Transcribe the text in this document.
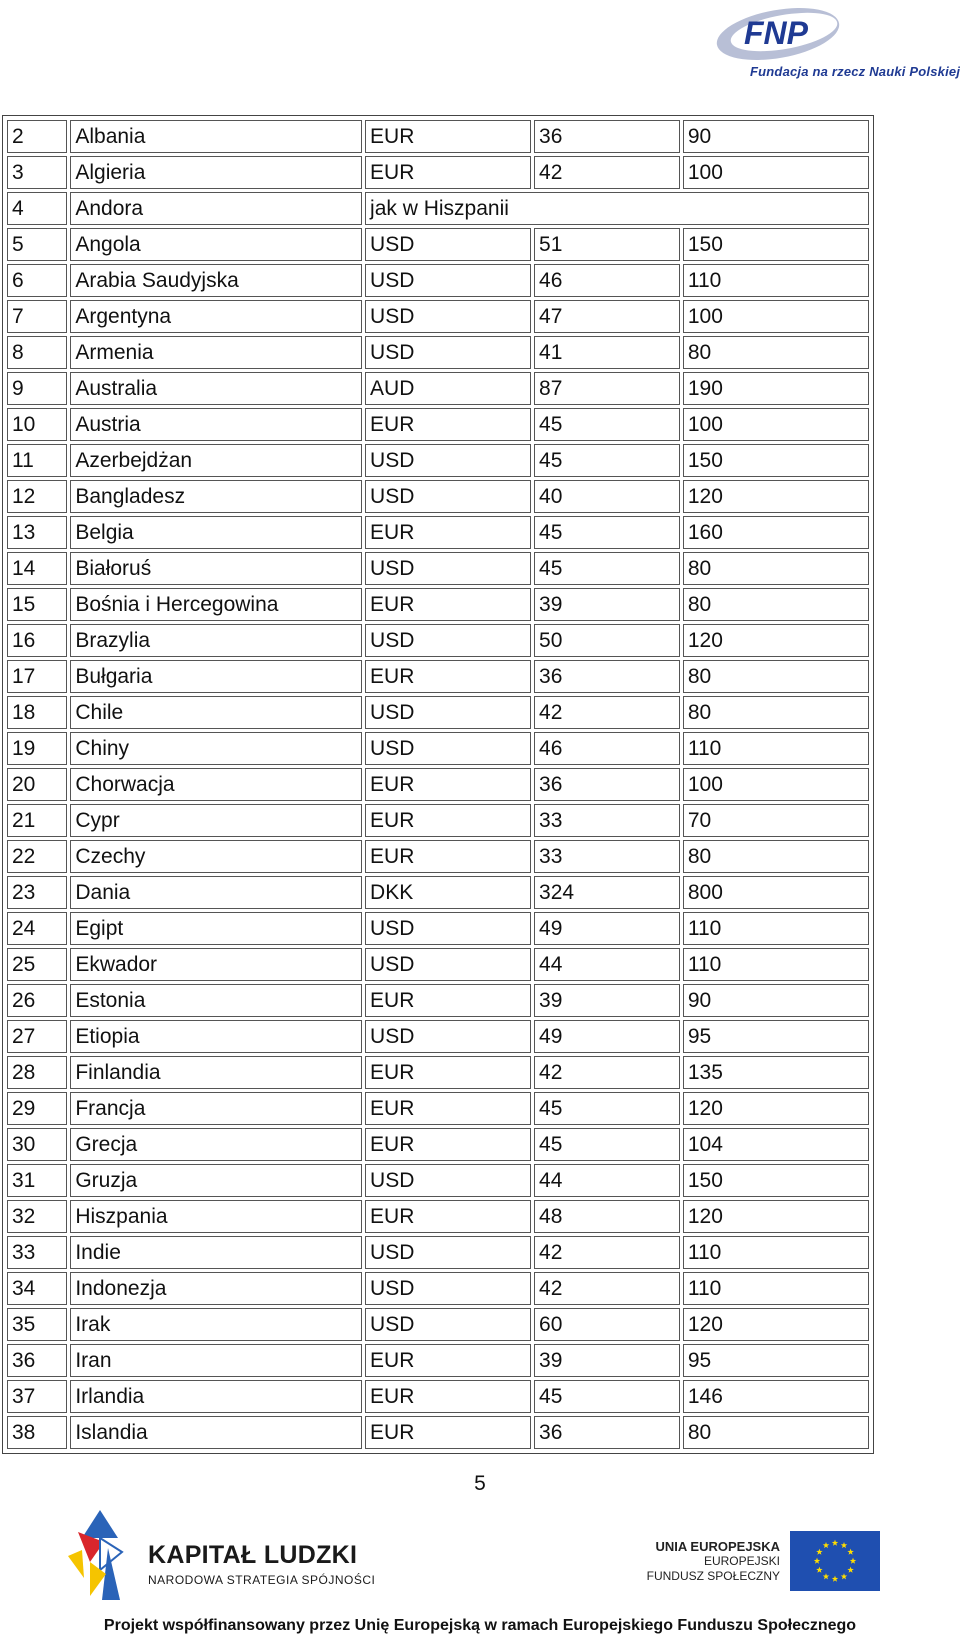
FNP
Fundacja na rzecz Nauki Polskiej
2	Albania	EUR	36	90
3	Algieria	EUR	42	100
4	Andora	jak w Hiszpanii		
5	Angola	USD	51	150
6	Arabia Saudyjska	USD	46	110
7	Argentyna	USD	47	100
8	Armenia	USD	41	80
9	Australia	AUD	87	190
10	Austria	EUR	45	100
11	Azerbejdżan	USD	45	150
12	Bangladesz	USD	40	120
13	Belgia	EUR	45	160
14	Białoruś	USD	45	80
15	Bośnia i Hercegowina	EUR	39	80
16	Brazylia	USD	50	120
17	Bułgaria	EUR	36	80
18	Chile	USD	42	80
19	Chiny	USD	46	110
20	Chorwacja	EUR	36	100
21	Cypr	EUR	33	70
22	Czechy	EUR	33	80
23	Dania	DKK	324	800
24	Egipt	USD	49	110
25	Ekwador	USD	44	110
26	Estonia	EUR	39	90
27	Etiopia	USD	49	95
28	Finlandia	EUR	42	135
29	Francja	EUR	45	120
30	Grecja	EUR	45	104
31	Gruzja	USD	44	150
32	Hiszpania	EUR	48	120
33	Indie	USD	42	110
34	Indonezja	USD	42	110
35	Irak	USD	60	120
36	Iran	EUR	39	95
37	Irlandia	EUR	45	146
38	Islandia	EUR	36	80
5
KAPITAŁ LUDZKI
NARODOWA STRATEGIA SPÓJNOŚCI
UNIA EUROPEJSKA
EUROPEJSKI
FUNDUSZ SPOŁECZNY
Projekt współfinansowany przez Unię Europejską w ramach Europejskiego Funduszu Społecznego
